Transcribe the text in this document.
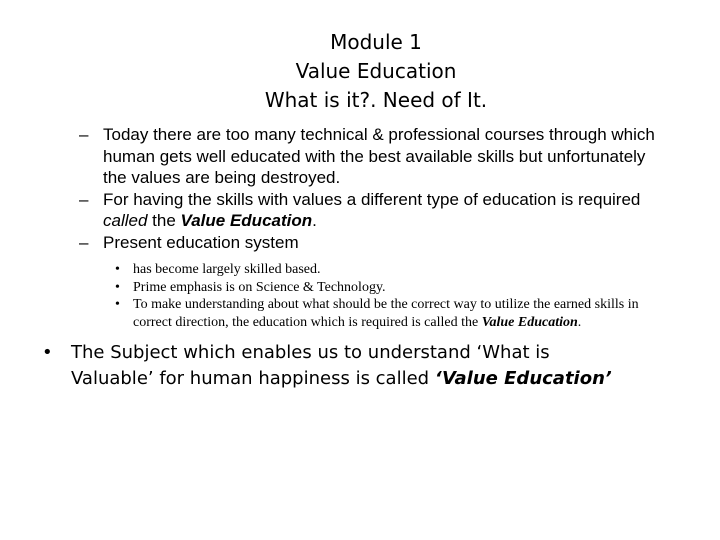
Module 1
Value Education
What is it?. Need of It.
– Today there are too many technical & professional courses through which human gets well educated with the best available skills but unfortunately the values are being destroyed.
– For having the skills with values a different type of education is required called the Value Education.
– Present education system
• has become largely skilled based.
• Prime emphasis is on Science & Technology.
• To make understanding about what should be the correct way to utilize the earned skills in correct direction, the education which is required is called the Value Education.
• The Subject which enables us to understand ‘What is Valuable’ for human happiness is called ‘Value Education’
